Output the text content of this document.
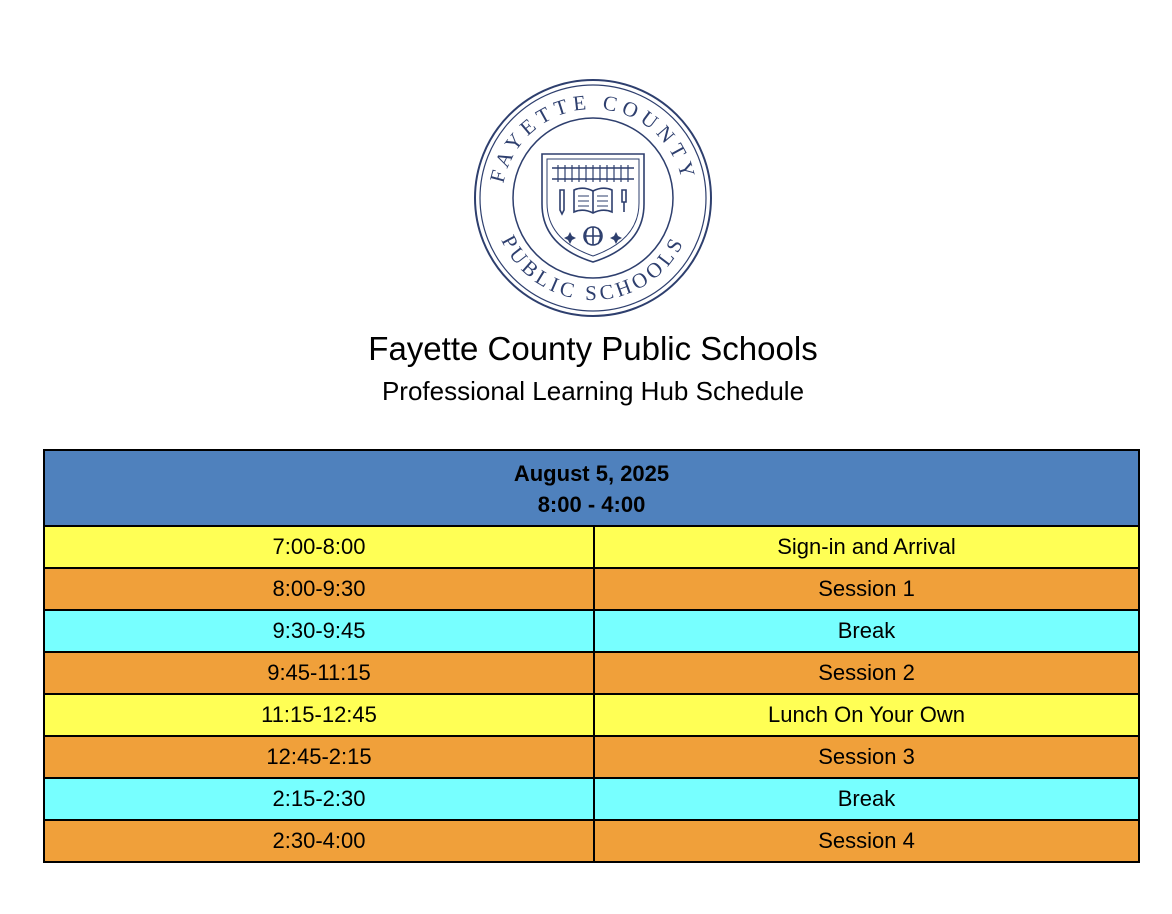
FAYETTE COUNTY
PUBLIC SCHOOLS
Fayette County Public Schools
Professional Learning Hub Schedule
August 5, 2025
8:00 - 4:00	

7:00-8:00	Sign-in and Arrival
8:00-9:30	Session 1
9:30-9:45	Break
9:45-11:15	Session 2
11:15-12:45	Lunch On Your Own
12:45-2:15	Session 3
2:15-2:30	Break
2:30-4:00	Session 4
